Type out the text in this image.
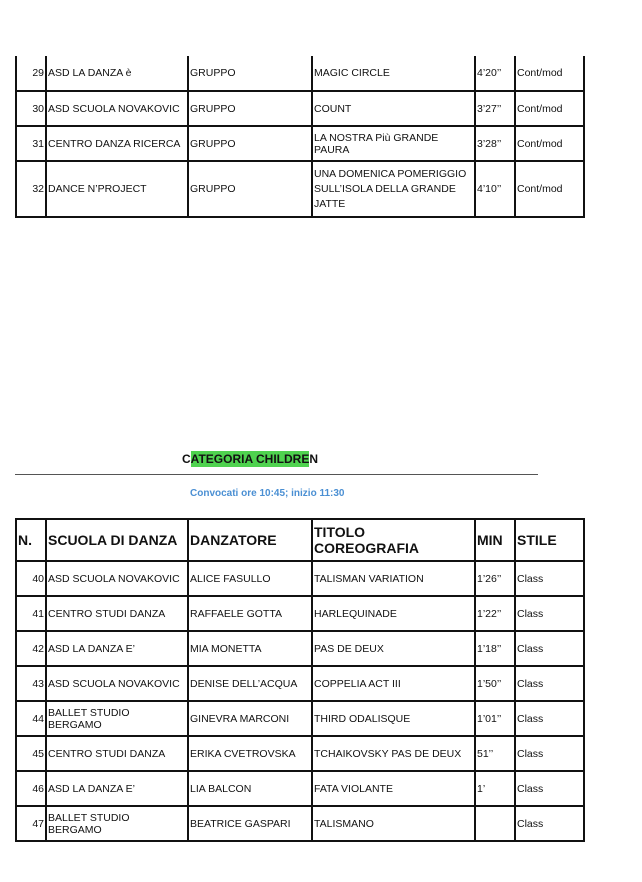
29	ASD LA DANZA è	GRUPPO	MAGIC CIRCLE	4’20’’	Cont/mod
30	ASD SCUOLA NOVAKOVIC	GRUPPO	COUNT	3’27’’	Cont/mod
31	CENTRO DANZA RICERCA	GRUPPO	LA NOSTRA Più GRANDE PAURA	3’28’’	Cont/mod
32	DANCE N’PROJECT	GRUPPO	UNA DOMENICA POMERIGGIO SULL’ISOLA DELLA GRANDE JATTE	4’10’’	Cont/mod
CATEGORIA CHILDREN
Convocati ore 10:45; inizio 11:30
N.	SCUOLA DI DANZA	DANZATORE	TITOLO COREOGRAFIA	MIN	STILE
40	ASD SCUOLA NOVAKOVIC	ALICE FASULLO	TALISMAN VARIATION	1’26’’	Class
41	CENTRO STUDI DANZA	RAFFAELE GOTTA	HARLEQUINADE	1’22’’	Class
42	ASD LA DANZA E’	MIA MONETTA	PAS DE DEUX	1’18’’	Class
43	ASD SCUOLA NOVAKOVIC	DENISE DELL’ACQUA	COPPELIA ACT III	1’50’’	Class
44	BALLET STUDIO BERGAMO	GINEVRA MARCONI	THIRD ODALISQUE	1’01’’	Class
45	CENTRO STUDI DANZA	ERIKA CVETROVSKA	TCHAIKOVSKY PAS DE DEUX	51’’	Class
46	ASD LA DANZA E’	LIA BALCON	FATA VIOLANTE	1’	Class
47	BALLET STUDIO BERGAMO	BEATRICE GASPARI	TALISMANO		Class
